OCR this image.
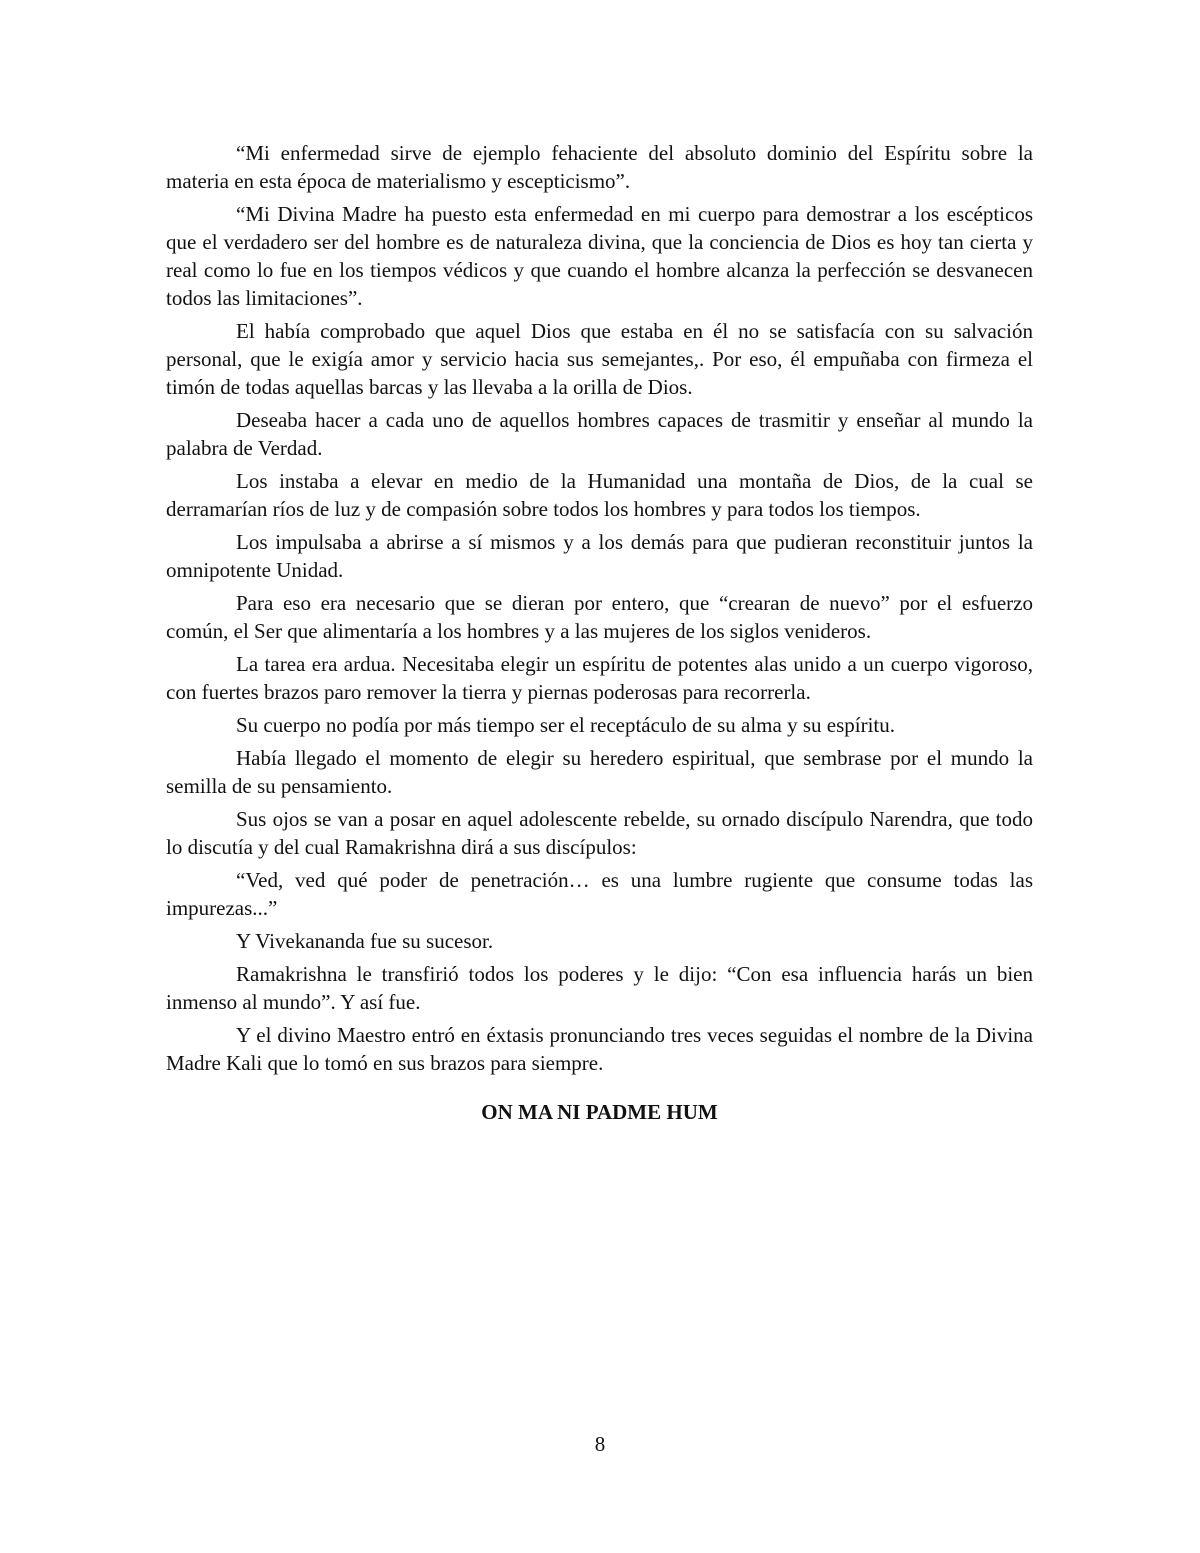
“Mi enfermedad sirve de ejemplo fehaciente del absoluto dominio del Espíritu sobre la materia en esta época de materialismo y escepticismo”.

“Mi Divina Madre ha puesto esta enfermedad en mi cuerpo para demostrar a los escépticos que el verdadero ser del hombre es de naturaleza divina, que la conciencia de Dios es hoy tan cierta y real como lo fue en los tiempos védicos y que cuando el hombre alcanza la perfección se desvanecen todos las limitaciones”.

El había comprobado que aquel Dios que estaba en él no se satisfacía con su salvación personal, que le exigía amor y servicio hacia sus semejantes,. Por eso, él empuñaba con firmeza el timón de todas aquellas barcas y las llevaba a la orilla de Dios.

Deseaba hacer a cada uno de aquellos hombres capaces de trasmitir y enseñar al mundo la palabra de Verdad.

Los instaba a elevar en medio de la Humanidad una montaña de Dios, de la cual se derramarían ríos de luz y de compasión sobre todos los hombres y para todos los tiempos.

Los impulsaba a abrirse a sí mismos y a los demás para que pudieran reconstituir juntos la omnipotente Unidad.

Para eso era necesario que se dieran por entero, que “crearan de nuevo” por el esfuerzo común, el Ser que alimentaría a los hombres y a las mujeres de los siglos venideros.

La tarea era ardua. Necesitaba elegir un espíritu de potentes alas unido a un cuerpo vigoroso, con fuertes brazos paro remover la tierra y piernas poderosas para recorrerla.

Su cuerpo no podía por más tiempo ser el receptáculo de su alma y su espíritu.

Había llegado el momento de elegir su heredero espiritual, que sembrase por el mundo la semilla de su pensamiento.

Sus ojos se van a posar en aquel adolescente rebelde, su ornado discípulo Narendra, que todo lo discutía y del cual Ramakrishna dirá a sus discípulos:

“Ved, ved qué poder de penetración… es una lumbre rugiente que consume todas las impurezas...”

Y Vivekananda fue su sucesor.

Ramakrishna le transfirió todos los poderes y le dijo: “Con esa influencia harás un bien inmenso al mundo”. Y así fue.

Y el divino Maestro entró en éxtasis pronunciando tres veces seguidas el nombre de la Divina Madre Kali que lo tomó en sus brazos para siempre.

ON MA NI PADME HUM

8
